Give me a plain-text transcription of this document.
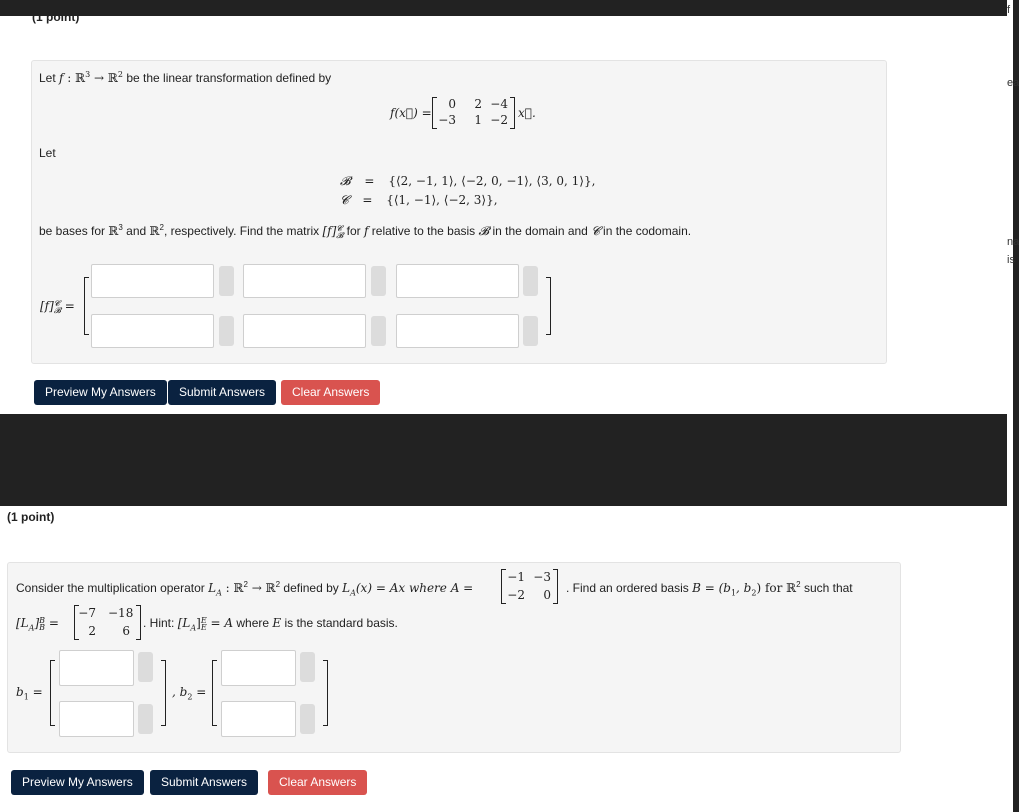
f
ea
na
is
(1 point)
Let f : ℝ$^3$ → ℝ$^2$ be the linear transformation defined by
f(x⃗) =
0	2 −4
−3	1 −2 x⃗.
Let
𝓑 = {⟨2, −1, 1⟩, ⟨−2, 0, −1⟩, ⟨3, 0, 1⟩},
𝓒 = {⟨1, −1⟩, ⟨−2, 3⟩},
be bases for ℝ$^3$ and ℝ$^2$, respectively. Find the matrix [f] 𝓒
𝓑 for f relative to the basis 𝓑 in the domain and 𝓒 in the codomain.
[f] 𝓒
𝓑 =
Preview My Answers	Submit Answers	Clear Answers
(1 point)
Consider the multiplication operator $L_A$ : ℝ$^2$ → ℝ$^2$ defined by $L_A(x) = Ax$ where A =
−1 −3
−2	0 . Find an ordered basis $B = (b_1$, $b_2$) for ℝ$^2$ such that
$[L_A]$ B
B =
−7 −18
2	6
. Hint: $[L_A]$ E
E = A where E is the standard basis.
$b_1$ =	, $b_2$ =
Preview My Answers	Submit Answers	Clear Answers
